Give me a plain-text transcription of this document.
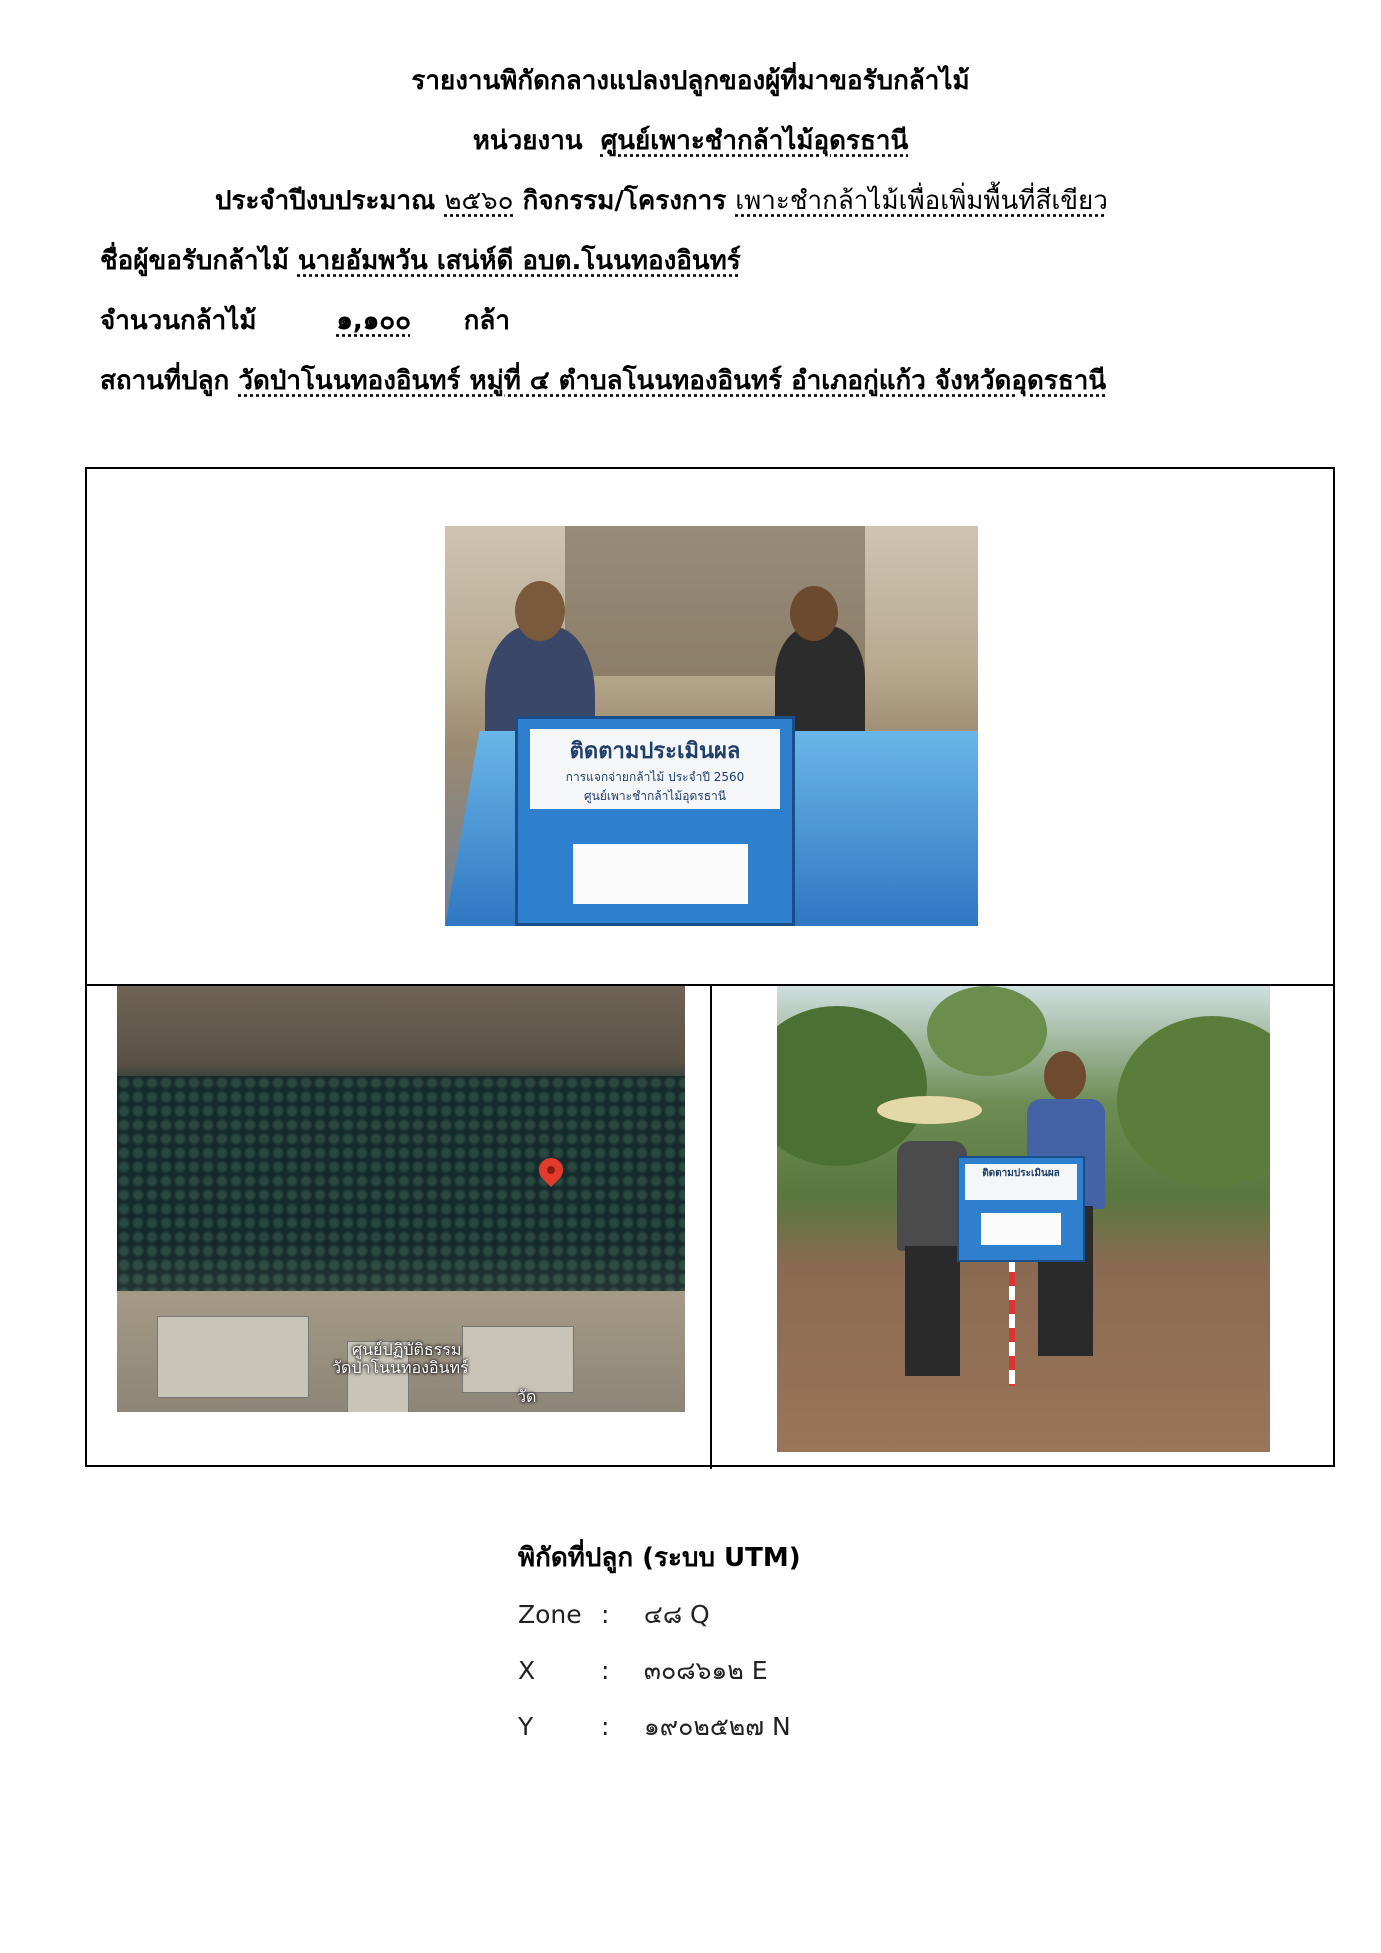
รายงานพิกัดกลางแปลงปลูกของผู้ที่มาขอรับกล้าไม้
หน่วยงาน ศูนย์เพาะชำกล้าไม้อุดรธานี
ประจำปีงบประมาณ ๒๕๖๐ กิจกรรม/โครงการ เพาะชำกล้าไม้เพื่อเพิ่มพื้นที่สีเขียว
ชื่อผู้ขอรับกล้าไม้ นายอัมพวัน เสน่ห์ดี อบต.โนนทองอินทร์
จำนวนกล้าไม้	๑,๑๐๐ กล้า
สถานที่ปลูก วัดป่าโนนทองอินทร์ หมู่ที่ ๔ ตำบลโนนทองอินทร์ อำเภอกู่แก้ว จังหวัดอุดรธานี
ติดตามประเมินผล
การแจกจ่ายกล้าไม้ ประจำปี 2560
ศูนย์เพาะชำกล้าไม้อุดรธานี
ศูนย์ปฏิบัติธรรม
วัดป่าโนนทองอินทร์
วัด
ติดตามประเมินผล
พิกัดที่ปลูก (ระบบ UTM)
Zone : ๔๘ Q
X	: ๓๐๘๖๑๒ E
Y	: ๑๙๐๒๕๒๗ N
